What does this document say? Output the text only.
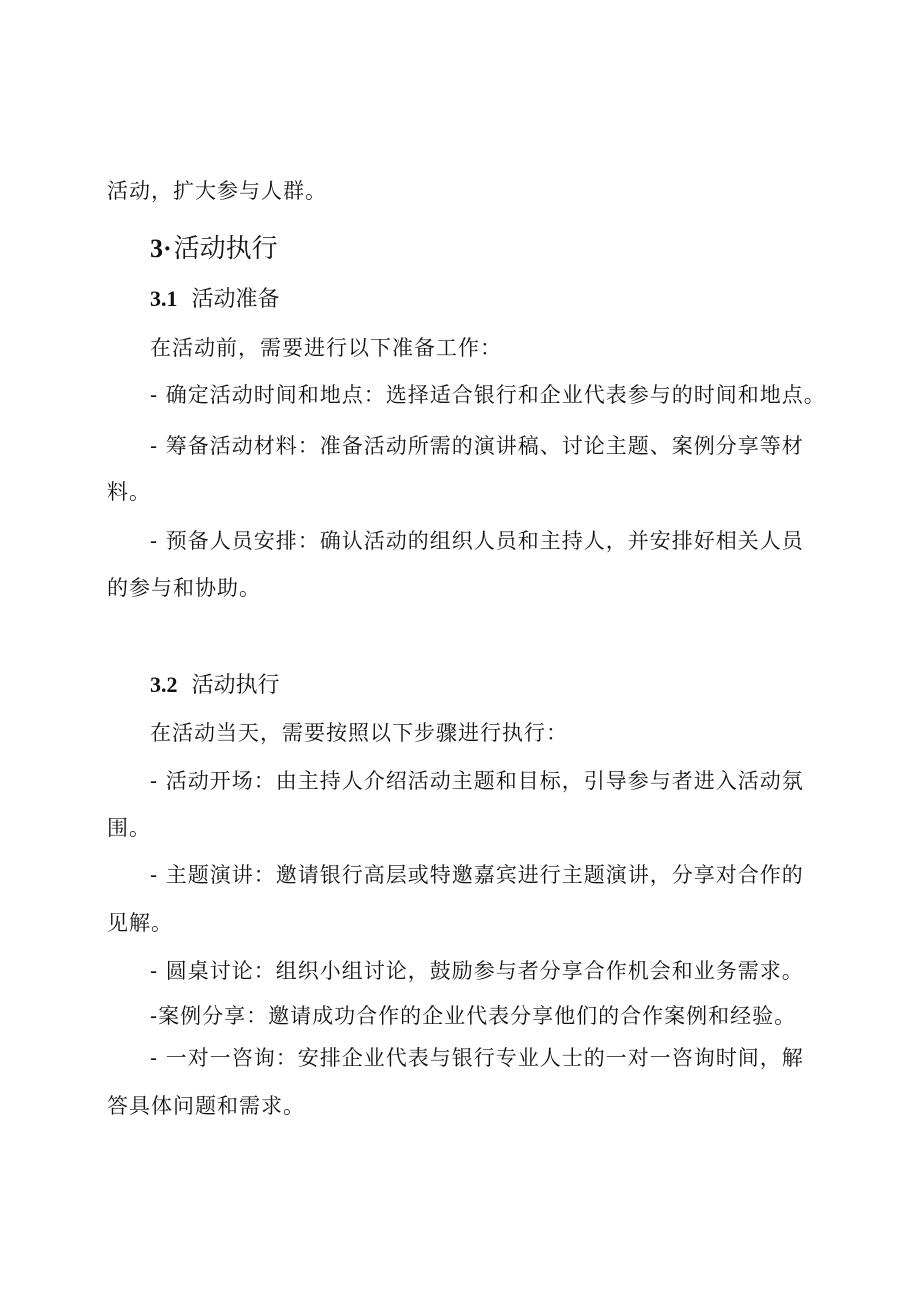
活动，扩大参与人群。
3·活动执行
3.1 活动准备
在活动前，需要进行以下准备工作：
- 确定活动时间和地点：选择适合银行和企业代表参与的时间和地点。
- 筹备活动材料：准备活动所需的演讲稿、讨论主题、案例分享等材
料。
- 预备人员安排：确认活动的组织人员和主持人，并安排好相关人员
的参与和协助。
3.2 活动执行
在活动当天，需要按照以下步骤进行执行：
- 活动开场：由主持人介绍活动主题和目标，引导参与者进入活动氛
围。
- 主题演讲：邀请银行高层或特邀嘉宾进行主题演讲，分享对合作的
见解。
- 圆桌讨论：组织小组讨论，鼓励参与者分享合作机会和业务需求。
-案例分享：邀请成功合作的企业代表分享他们的合作案例和经验。
- 一对一咨询：安排企业代表与银行专业人士的一对一咨询时间，解
答具体问题和需求。
